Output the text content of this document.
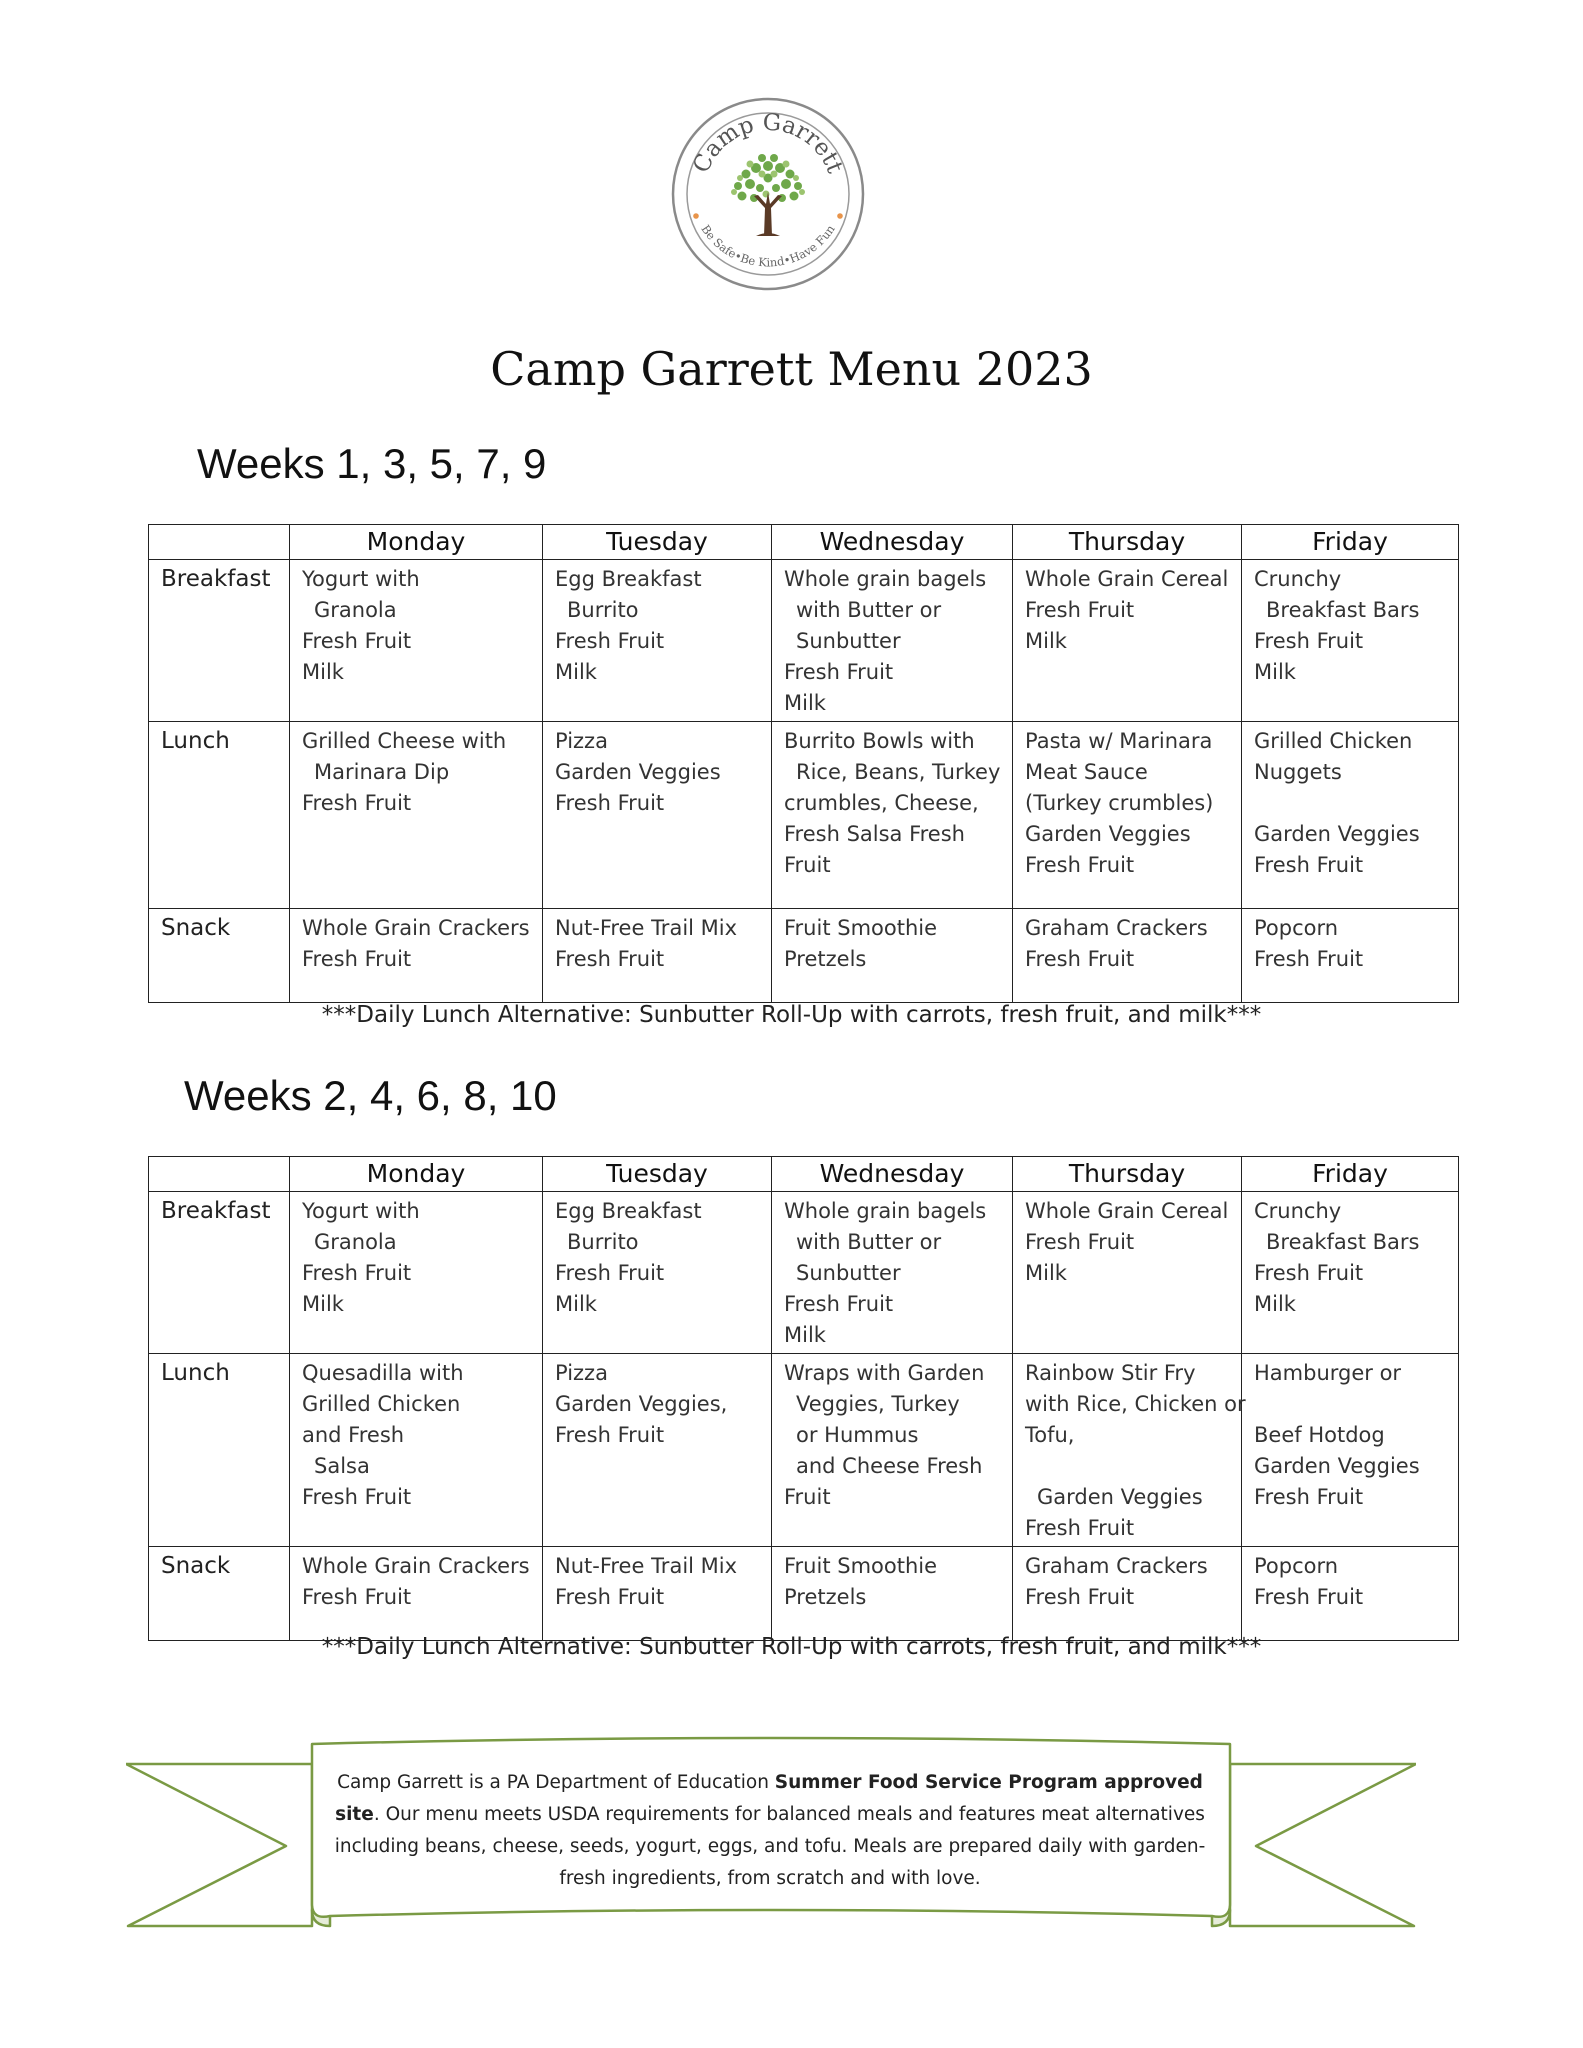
Camp Garrett
Be Safe•Be Kind•Have Fun
Camp Garrett Menu 2023
Weeks 1, 3, 5, 7, 9
	Monday	Tuesday	Wednesday	Thursday	Friday
Breakfast	Yogurt with
Granola
Fresh Fruit
Milk	Egg Breakfast
Burrito
Fresh Fruit
Milk	Whole grain bagels
with Butter or
Sunbutter
Fresh Fruit
Milk	Whole Grain Cereal
Fresh Fruit
Milk	Crunchy
Breakfast Bars
Fresh Fruit
Milk

Lunch	Grilled Cheese with
Marinara Dip
Fresh Fruit	Pizza
Garden Veggies
Fresh Fruit	Burrito Bowls with
Rice, Beans, Turkey
crumbles, Cheese,
Fresh Salsa Fresh
Fruit	Pasta w/ Marinara
Meat Sauce
(Turkey crumbles)
Garden Veggies
Fresh Fruit	Grilled Chicken
Nuggets

Garden Veggies
Fresh Fruit

Snack	Whole Grain Crackers
Fresh Fruit	Nut-Free Trail Mix
Fresh Fruit	Fruit Smoothie
Pretzels	Graham Crackers
Fresh Fruit	Popcorn
Fresh Fruit
***Daily Lunch Alternative: Sunbutter Roll-Up with carrots, fresh fruit, and milk***
Weeks 2, 4, 6, 8, 10
	Monday	Tuesday	Wednesday	Thursday	Friday
Breakfast	Yogurt with
Granola
Fresh Fruit
Milk	Egg Breakfast
Burrito
Fresh Fruit
Milk	Whole grain bagels
with Butter or
Sunbutter
Fresh Fruit
Milk	Whole Grain Cereal
Fresh Fruit
Milk	Crunchy
Breakfast Bars
Fresh Fruit
Milk

Lunch	Quesadilla with
Grilled Chicken
and Fresh
Salsa
Fresh Fruit	Pizza
Garden Veggies,
Fresh Fruit	Wraps with Garden
Veggies, Turkey
or Hummus
and Cheese Fresh
Fruit	Rainbow Stir Fry
with Rice, Chicken or
Tofu,

Garden Veggies
Fresh Fruit	Hamburger or

Beef Hotdog
Garden Veggies
Fresh Fruit

Snack	Whole Grain Crackers
Fresh Fruit	Nut-Free Trail Mix
Fresh Fruit	Fruit Smoothie
Pretzels	Graham Crackers
Fresh Fruit	Popcorn
Fresh Fruit
***Daily Lunch Alternative: Sunbutter Roll-Up with carrots, fresh fruit, and milk***
Camp Garrett is a PA Department of Education Summer Food Service Program approved site. Our menu meets USDA requirements for balanced meals and features meat alternatives including beans, cheese, seeds, yogurt, eggs, and tofu. Meals are prepared daily with garden-fresh ingredients, from scratch and with love.
